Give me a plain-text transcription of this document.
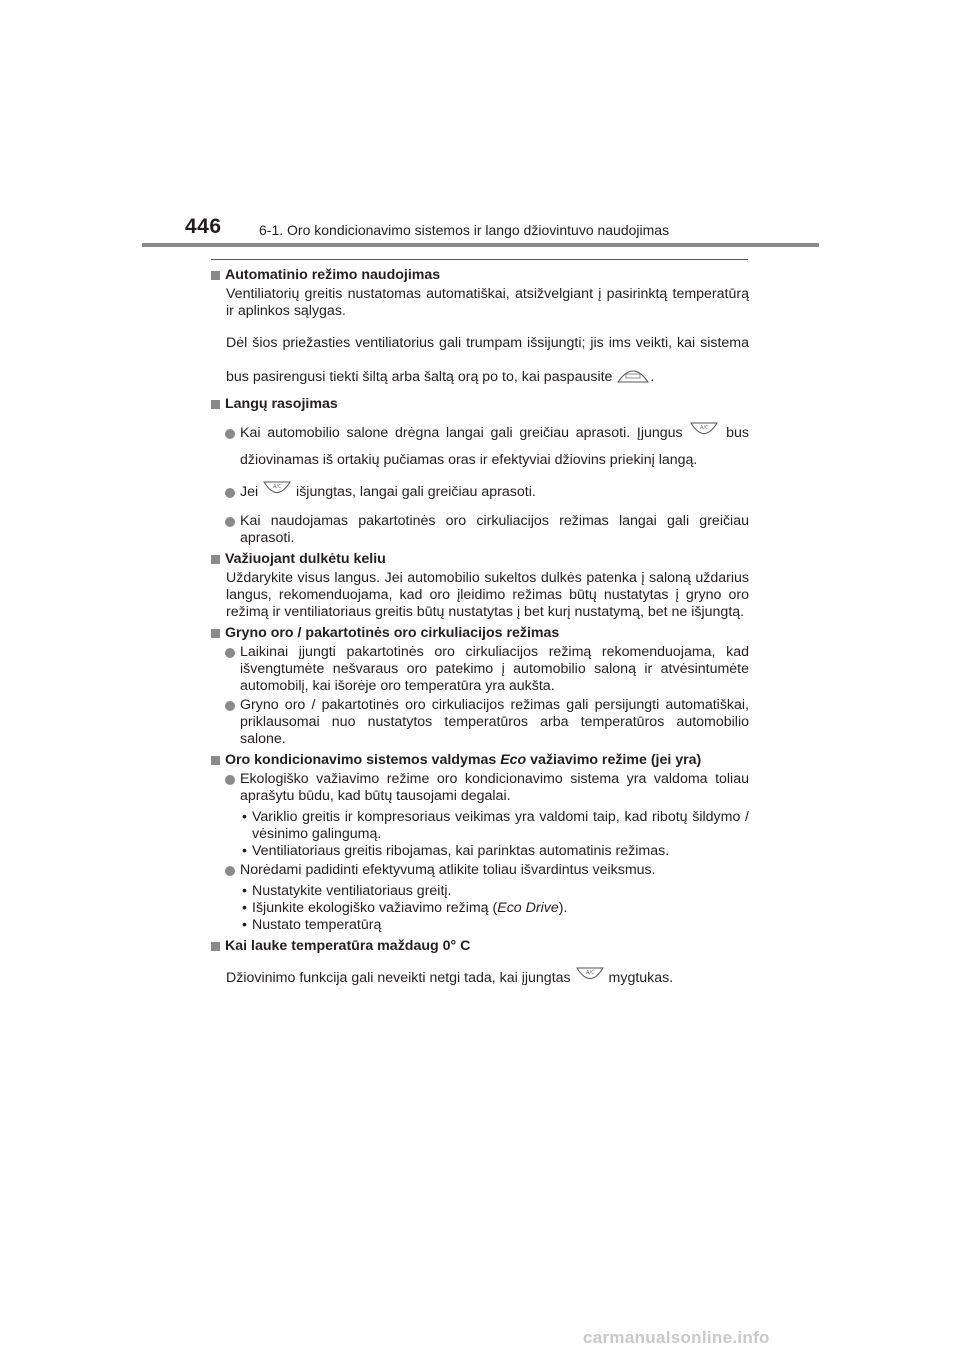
446	6-1. Oro kondicionavimo sistemos ir lango džiovintuvo naudojimas
Automatinio režimo naudojimas

Ventiliatorių greitis nustatomas automatiškai, atsižvelgiant į pasirinktą temperatūrą ir aplinkos sąlygas.

Dėl šios priežasties ventiliatorius gali trumpam išsijungti; jis ims veikti, kai sistema bus pasirengusi tiekti šiltą arba šaltą orą po to, kai paspausite	.

Langų rasojimas

Kai automobilio salone drėgna langai gali greičiau aprasoti. Įjungus	A/C bus džiovinamas iš ortakių pučiamas oras ir efektyviai džiovins priekinį langą.

Jei	A/C išjungtas, langai gali greičiau aprasoti.

Kai naudojamas pakartotinės oro cirkuliacijos režimas langai gali greičiau aprasoti.

Važiuojant dulkėtu keliu

Uždarykite visus langus. Jei automobilio sukeltos dulkės patenka į saloną uždarius langus, rekomenduojama, kad oro įleidimo režimas būtų nustatytas į gryno oro režimą ir ventiliatoriaus greitis būtų nustatytas į bet kurį nustatymą, bet ne išjungtą.

Gryno oro / pakartotinės oro cirkuliacijos režimas

Laikinai įjungti pakartotinės oro cirkuliacijos režimą rekomenduojama, kad išvengtumėte nešvaraus oro patekimo į automobilio saloną ir atvėsintumėte automobilį, kai išorėje oro temperatūra yra aukšta.

Gryno oro / pakartotinės oro cirkuliacijos režimas gali persijungti automatiškai, priklausomai nuo nustatytos temperatūros arba temperatūros automobilio salone.

Oro kondicionavimo sistemos valdymas Eco važiavimo režime (jei yra)

Ekologiško važiavimo režime oro kondicionavimo sistema yra valdoma toliau aprašytu būdu, kad būtų tausojami degalai.

• Variklio greitis ir kompresoriaus veikimas yra valdomi taip, kad ribotų šildymo / vėsinimo galingumą.

• Ventiliatoriaus greitis ribojamas, kai parinktas automatinis režimas.

Norėdami padidinti efektyvumą atlikite toliau išvardintus veiksmus.

• Nustatykite ventiliatoriaus greitį.

• Išjunkite ekologiško važiavimo režimą (Eco Drive).

• Nustato temperatūrą

Kai lauke temperatūra maždaug 0° C

Džiovinimo funkcija gali neveikti netgi tada, kai įjungtas	A/C mygtukas.

carmanualsonline.info
